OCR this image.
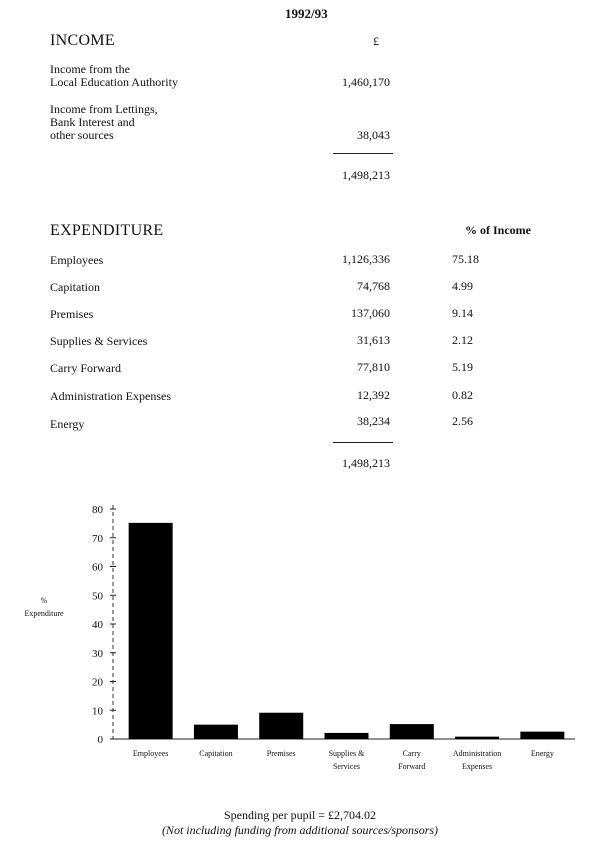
1992/93
INCOME	£
Income from the
Local Education Authority	1,460,170
Income from Lettings,
Bank Interest and
other sources	38,043
1,498,213
EXPENDITURE	% of Income
Employees	1,126,336	75.18
Capitation	74,768	4.99
Premises	137,060	9.14
Supplies & Services	31,613	2.12
Carry Forward	77,810	5.19
Administration Expenses	12,392	0.82
Energy	38,234	2.56
1,498,213
0
10
20
30
40
50
60
70
80
%
Expenditure
Employees	Capitation	Premises	Supplies &
Services
Carry
Forward
Administration
Expenses
Energy
Spending per pupil = £2,704.02
(Not including funding from additional sources/sponsors)
